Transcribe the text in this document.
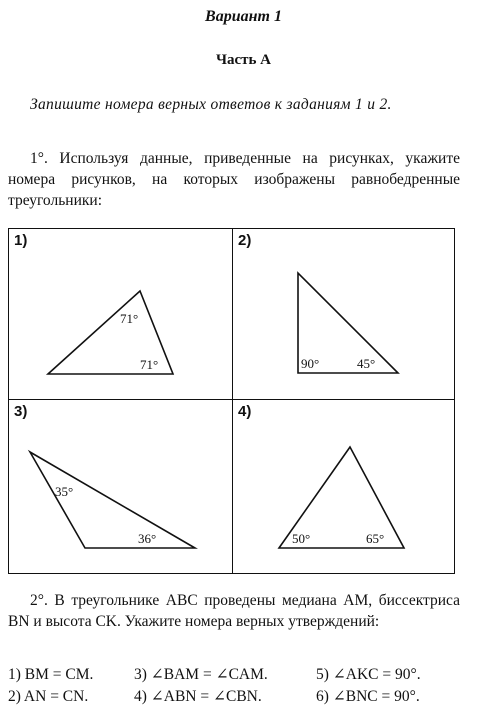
Вариант 1
Часть А
Запишите номера верных ответов к заданиям 1 и 2.
1°. Используя данные, приведенные на рисунках, укажите номера рисунков, на которых изображены равнобедренные треугольники:
1)	2)
3)	4)
71°
71°	90°	45°
35°
36°	50°	65°
2°. В треугольнике ABC проведены медиана AM, биссектриса BN и высота CK. Укажите номера верных утверждений:
1) BM = CM.	3) ∠BAM = ∠CAM.	5) ∠AKC = 90°.
2) AN = CN.	4) ∠ABN = ∠CBN.	6) ∠BNC = 90°.
